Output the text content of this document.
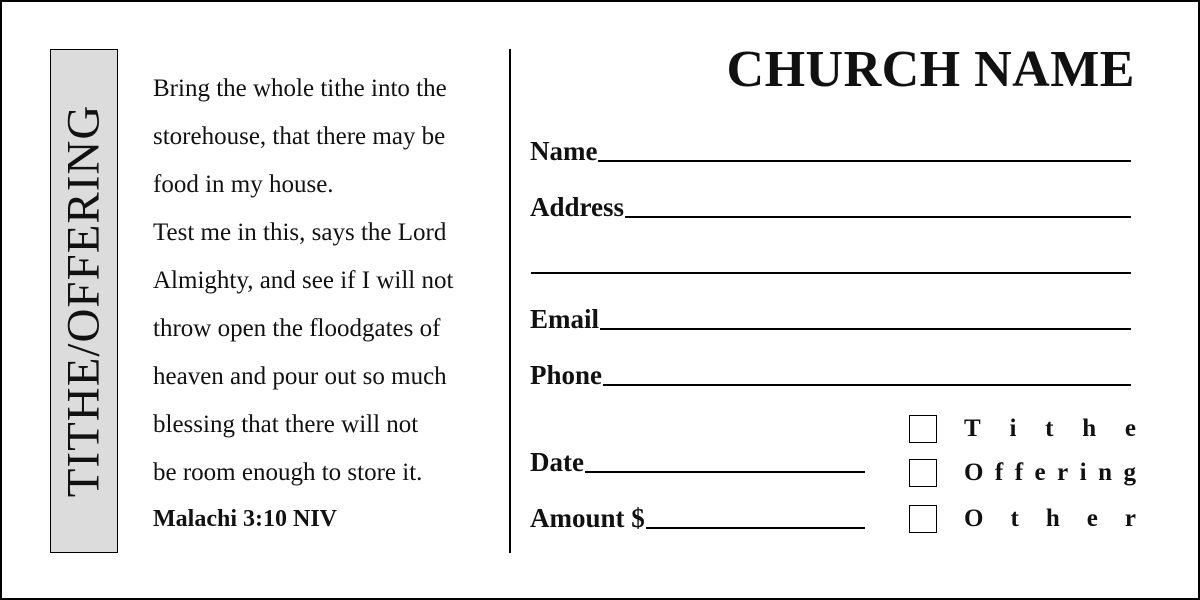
TITHE/OFFERING
Bring the whole tithe into the
storehouse, that there may be
food in my house.
Test me in this, says the Lord
Almighty, and see if I will not
throw open the floodgates of
heaven and pour out so much
blessing that there will not
be room enough to store it.
Malachi 3:10 NIV
CHURCH NAME
Name
Address
Email
Phone
Date
Amount $
T i t h e
O f f e r i n g
O t h e r
